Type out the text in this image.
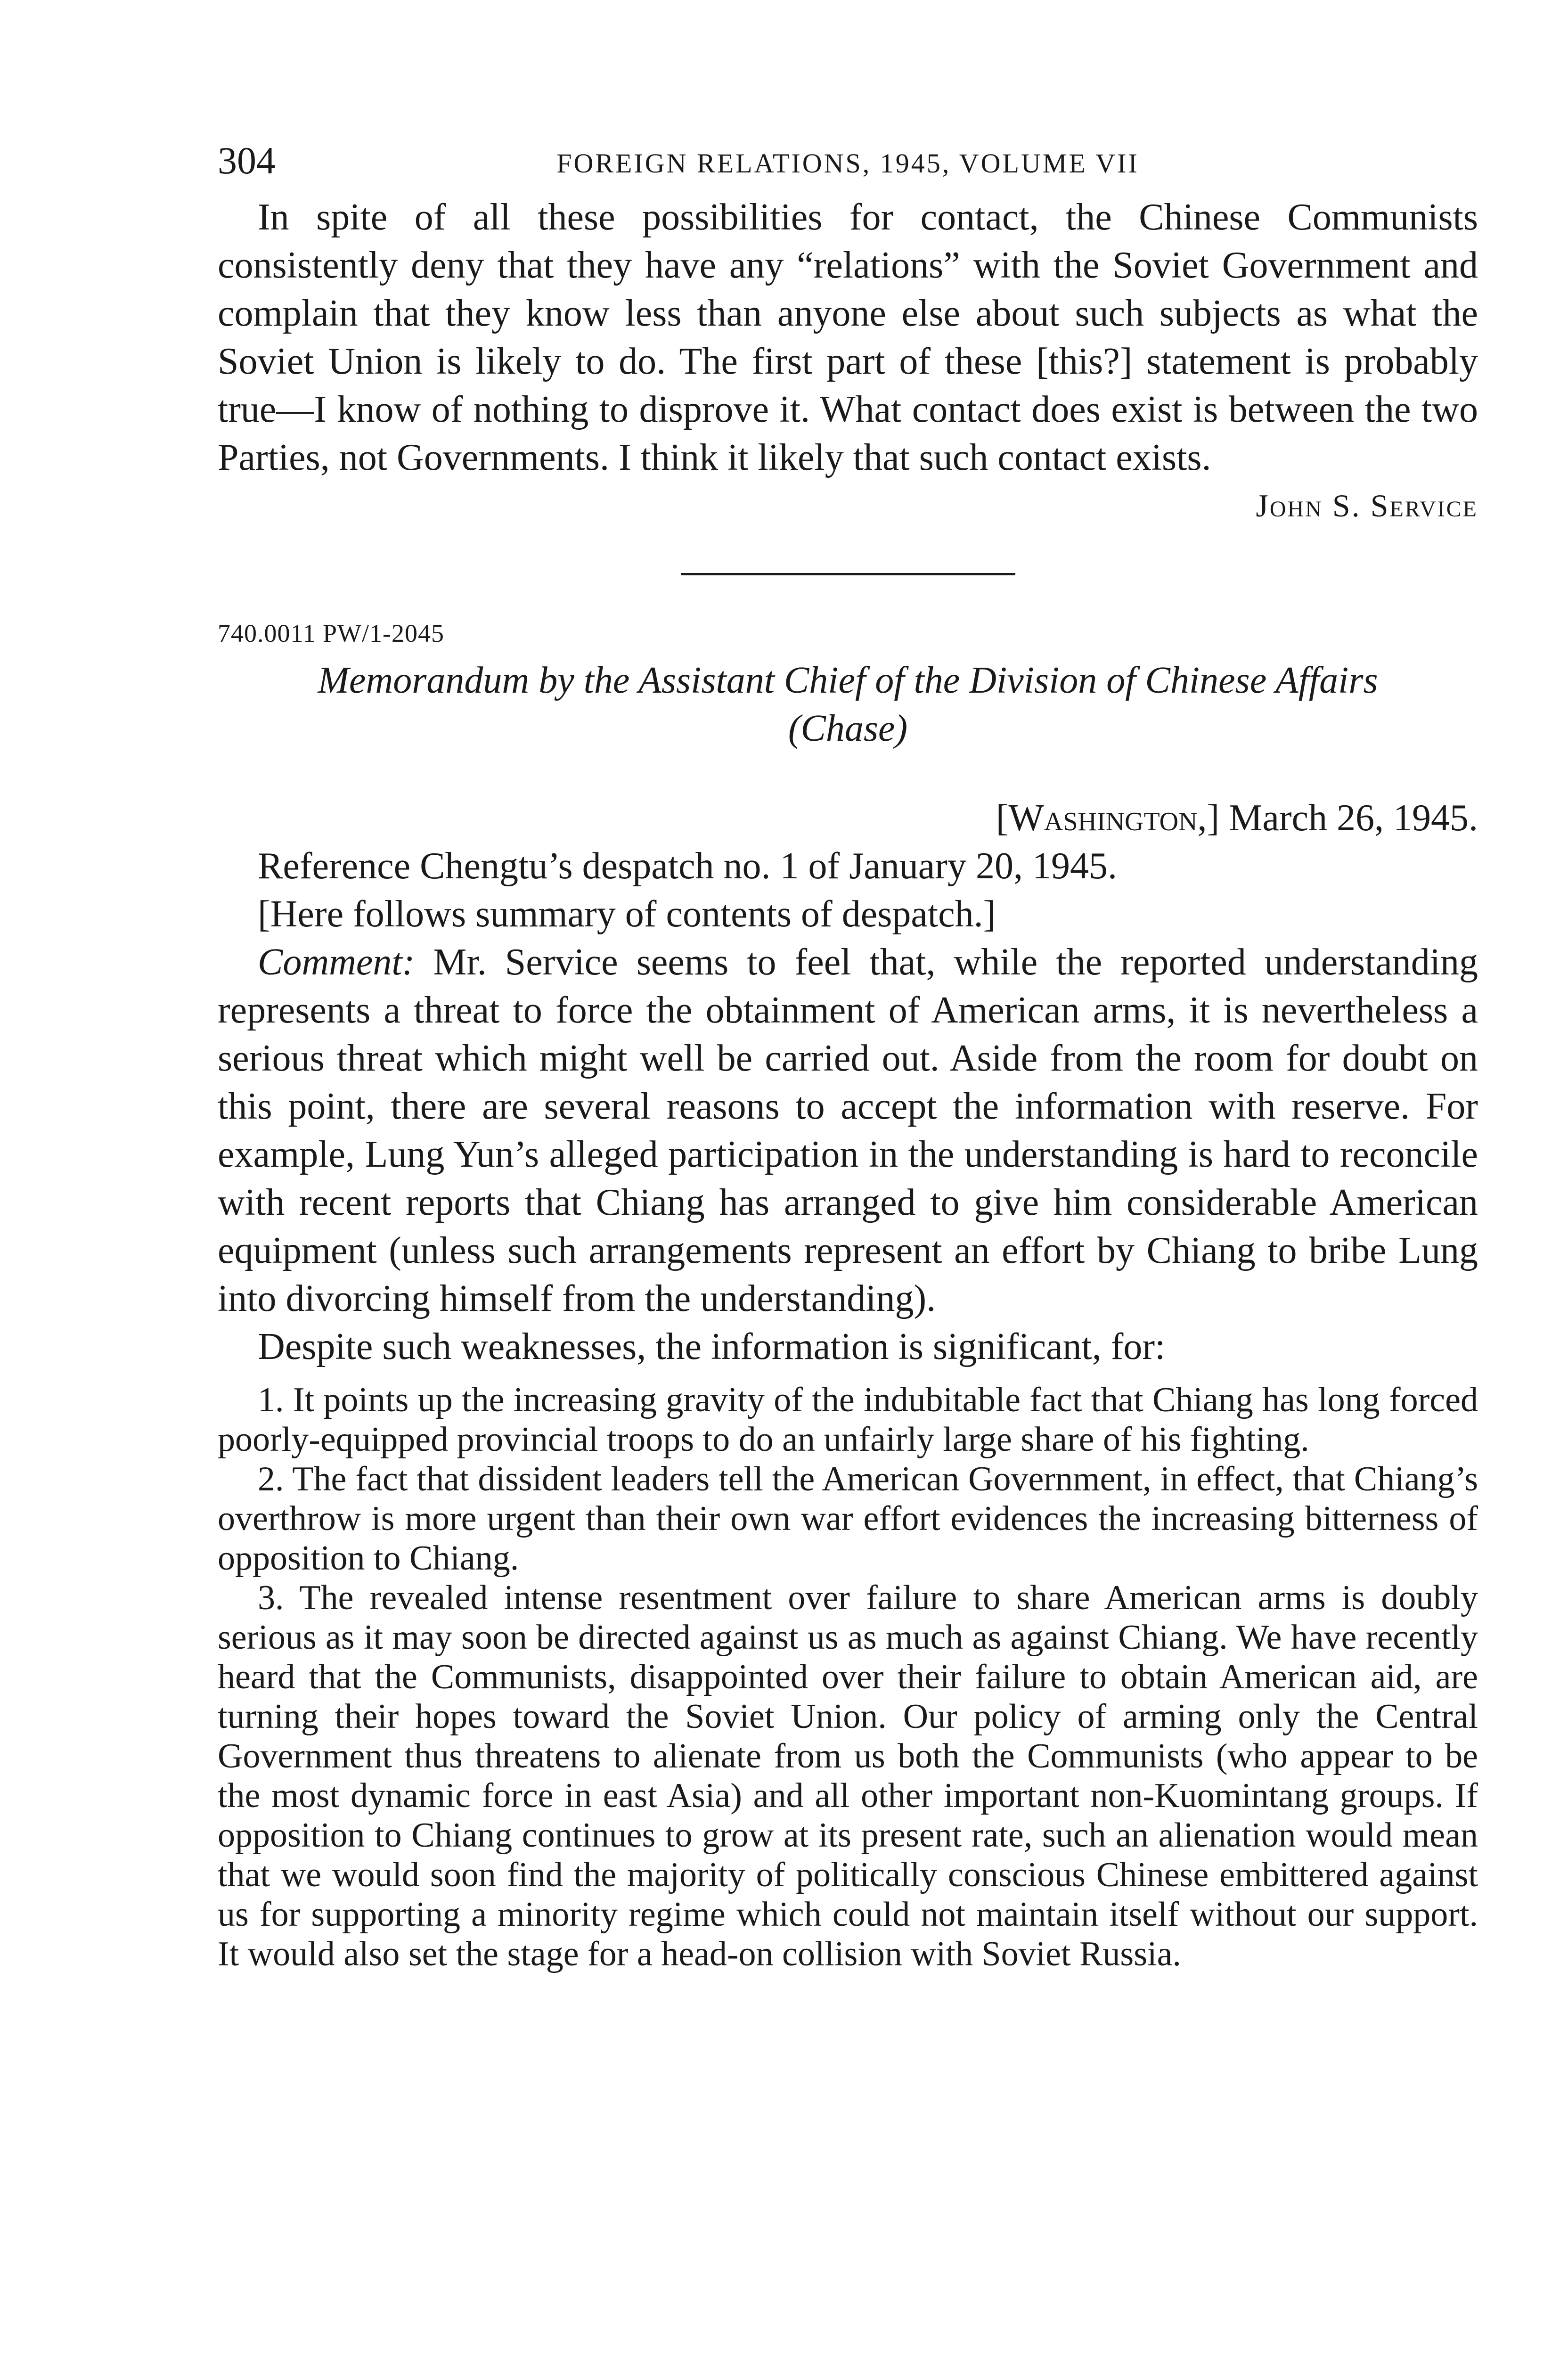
304	FOREIGN RELATIONS, 1945, VOLUME VII

In spite of all these possibilities for contact, the Chinese Communists consistently deny that they have any “relations” with the Soviet Government and complain that they know less than anyone else about such subjects as what the Soviet Union is likely to do. The first part of these [this?] statement is probably true—I know of nothing to disprove it. What contact does exist is between the two Parties, not Governments. I think it likely that such contact exists.

John S. Service

740.0011 PW/1-2045

Memorandum by the Assistant Chief of the Division of Chinese Affairs (Chase)

[Washington,] March 26, 1945.

Reference Chengtu’s despatch no. 1 of January 20, 1945.

[Here follows summary of contents of despatch.]

Comment: Mr. Service seems to feel that, while the reported understanding represents a threat to force the obtainment of American arms, it is nevertheless a serious threat which might well be carried out. Aside from the room for doubt on this point, there are several reasons to accept the information with reserve. For example, Lung Yun’s alleged participation in the understanding is hard to reconcile with recent reports that Chiang has arranged to give him considerable American equipment (unless such arrangements represent an effort by Chiang to bribe Lung into divorcing himself from the understanding).

Despite such weaknesses, the information is significant, for:

1. It points up the increasing gravity of the indubitable fact that Chiang has long forced poorly-equipped provincial troops to do an unfairly large share of his fighting.

2. The fact that dissident leaders tell the American Government, in effect, that Chiang’s overthrow is more urgent than their own war effort evidences the increasing bitterness of opposition to Chiang.

3. The revealed intense resentment over failure to share American arms is doubly serious as it may soon be directed against us as much as against Chiang. We have recently heard that the Communists, disappointed over their failure to obtain American aid, are turning their hopes toward the Soviet Union. Our policy of arming only the Central Government thus threatens to alienate from us both the Communists (who appear to be the most dynamic force in east Asia) and all other important non-Kuomintang groups. If opposition to Chiang continues to grow at its present rate, such an alienation would mean that we would soon find the majority of politically conscious Chinese embittered against us for supporting a minority regime which could not maintain itself without our support. It would also set the stage for a head-on collision with Soviet Russia.
